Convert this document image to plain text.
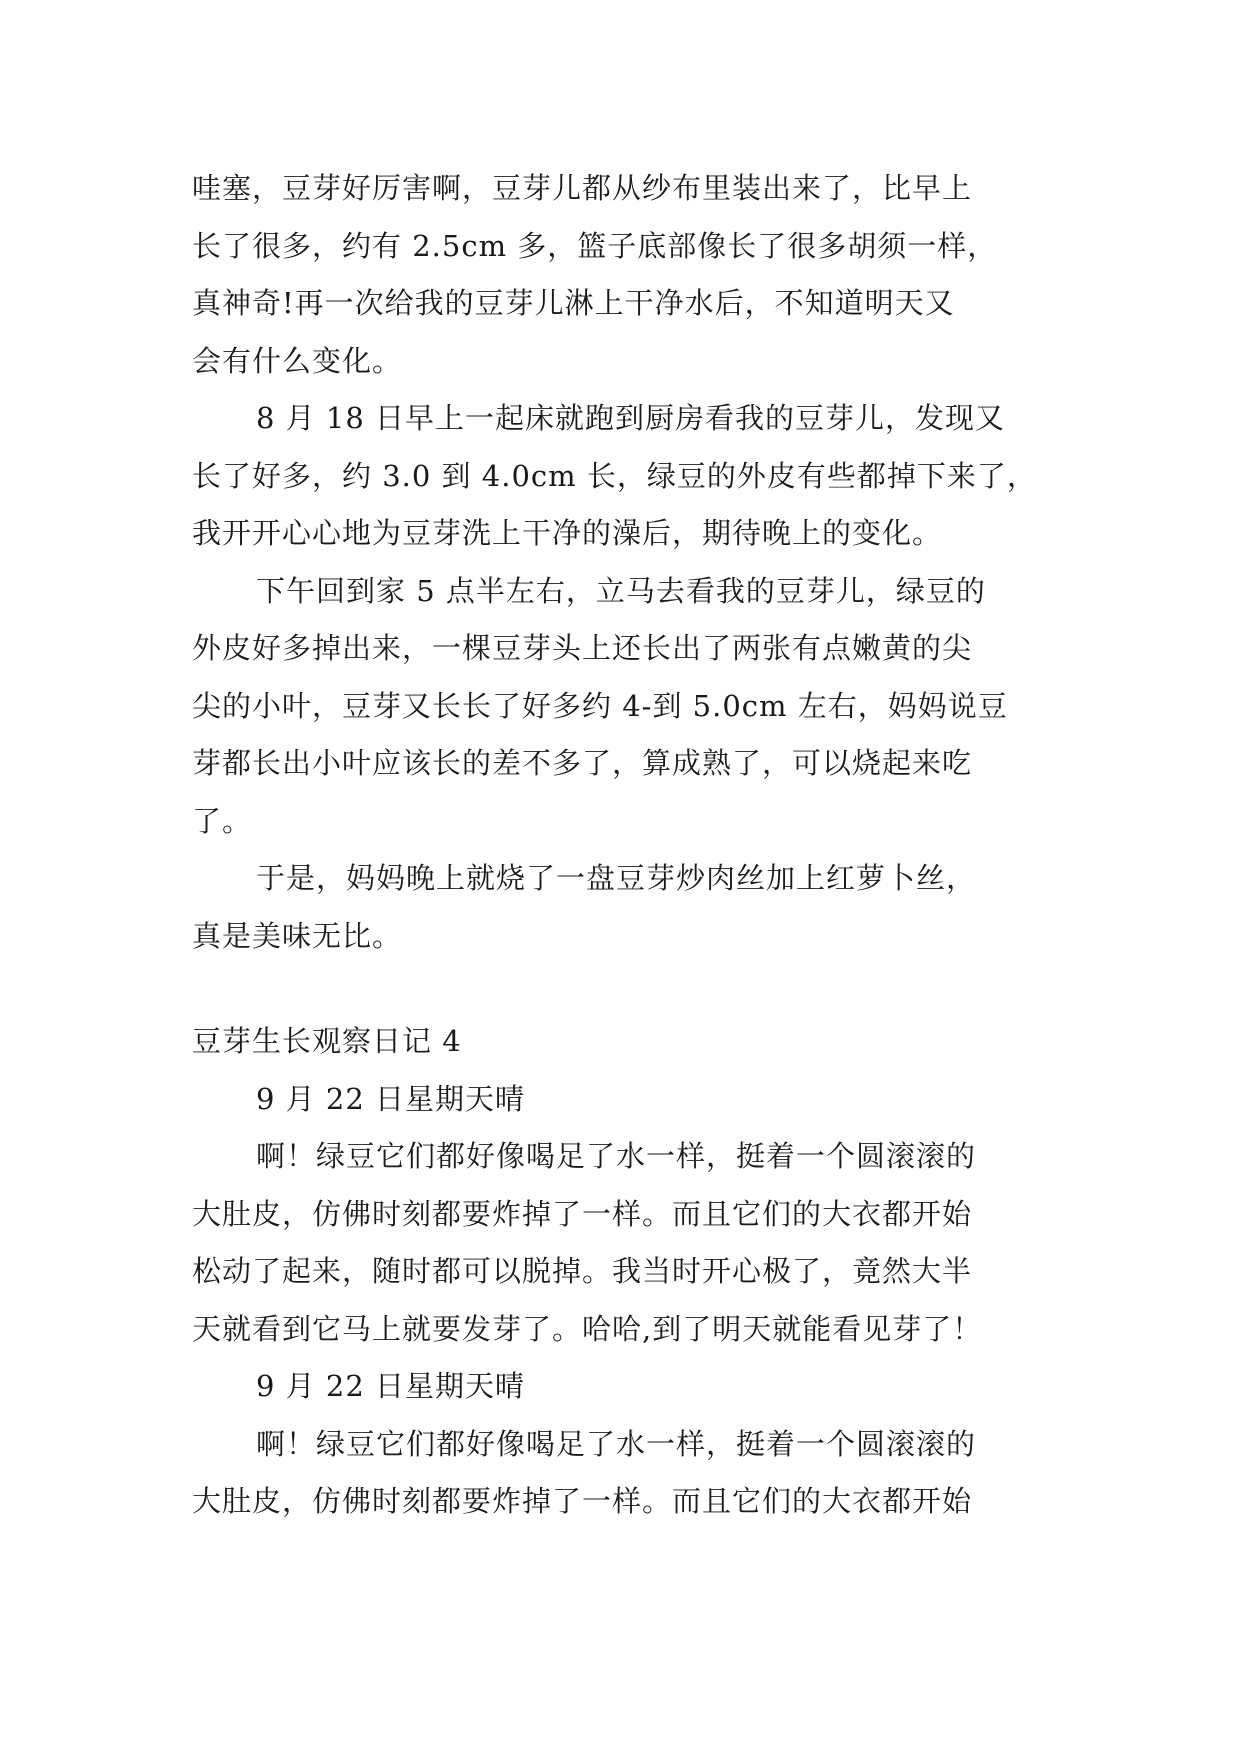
哇塞，豆芽好厉害啊，豆芽儿都从纱布里装出来了，比早上
长了很多，约有 2.5cm 多，篮子底部像长了很多胡须一样，
真神奇!再一次给我的豆芽儿淋上干净水后，不知道明天又
会有什么变化。
8 月 18 日早上一起床就跑到厨房看我的豆芽儿，发现又
长了好多，约 3.0 到 4.0cm 长，绿豆的外皮有些都掉下来了，
我开开心心地为豆芽洗上干净的澡后，期待晚上的变化。
下午回到家 5 点半左右，立马去看我的豆芽儿，绿豆的
外皮好多掉出来，一棵豆芽头上还长出了两张有点嫩黄的尖
尖的小叶，豆芽又长长了好多约 4-到 5.0cm 左右，妈妈说豆
芽都长出小叶应该长的差不多了，算成熟了，可以烧起来吃
了。
于是，妈妈晚上就烧了一盘豆芽炒肉丝加上红萝卜丝，
真是美味无比。
豆芽生长观察日记 4
9 月 22 日星期天晴
啊！绿豆它们都好像喝足了水一样，挺着一个圆滚滚的
大肚皮，仿佛时刻都要炸掉了一样。而且它们的大衣都开始
松动了起来，随时都可以脱掉。我当时开心极了，竟然大半
天就看到它马上就要发芽了。哈哈,到了明天就能看见芽了！
9 月 22 日星期天晴
啊！绿豆它们都好像喝足了水一样，挺着一个圆滚滚的
大肚皮，仿佛时刻都要炸掉了一样。而且它们的大衣都开始
